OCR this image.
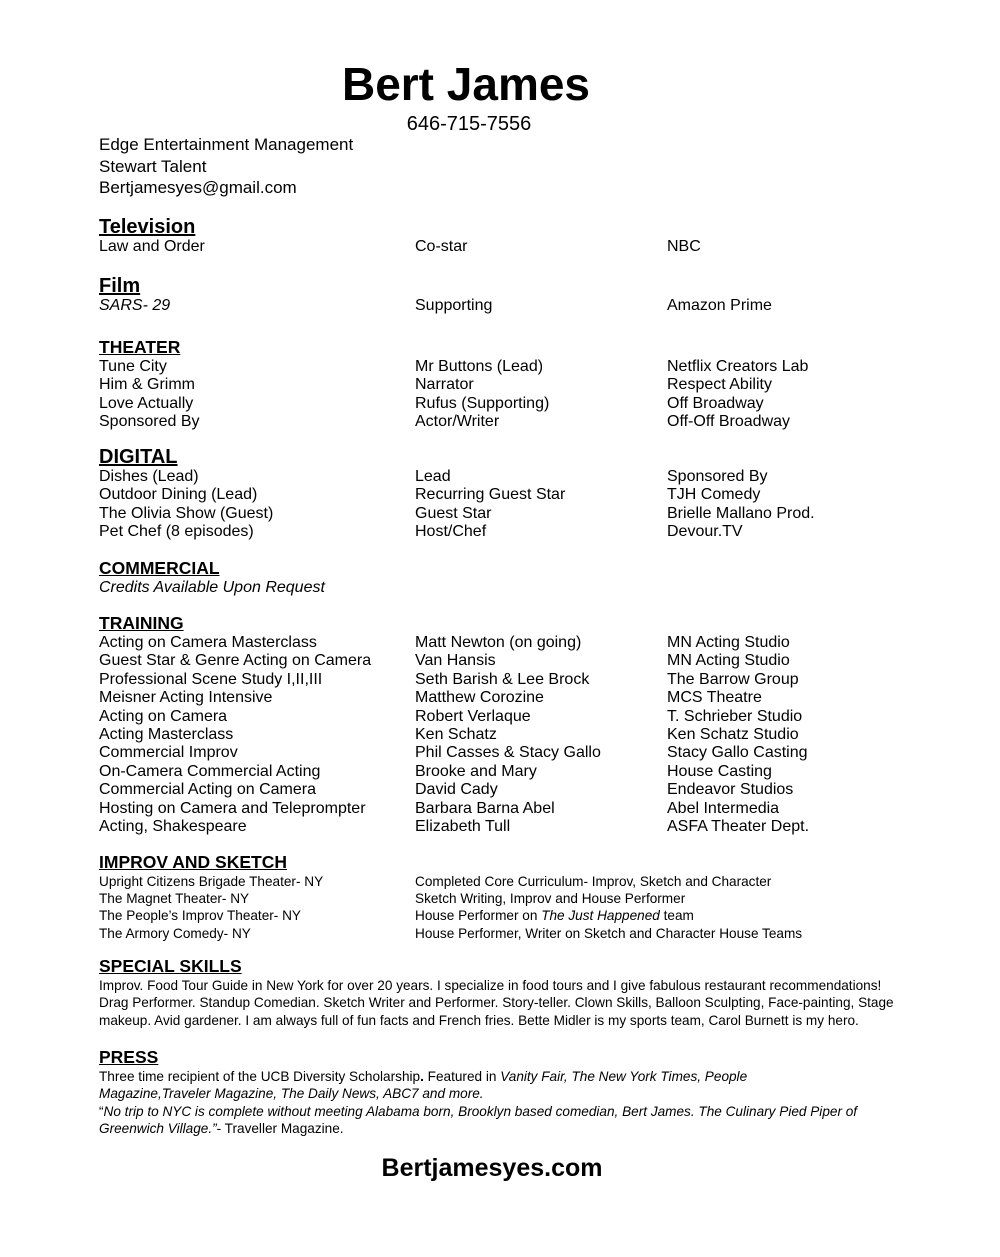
Bert James
646-715-7556
Edge Entertainment Management
Stewart Talent
Bertjamesyes@gmail.com
Television
Law and Order	Co-star	NBC
Film
SARS- 29	Supporting	Amazon Prime
THEATER
Tune City	Mr Buttons (Lead)	Netflix Creators Lab
Him & Grimm	Narrator	Respect Ability
Love Actually	Rufus (Supporting)	Off Broadway
Sponsored By	Actor/Writer	Off-Off Broadway
DIGITAL
Dishes (Lead)	Lead	Sponsored By
Outdoor Dining (Lead)	Recurring Guest Star	TJH Comedy
The Olivia Show (Guest)	Guest Star	Brielle Mallano Prod.
Pet Chef (8 episodes)	Host/Chef	Devour.TV
COMMERCIAL
Credits Available Upon Request
TRAINING
Acting on Camera Masterclass	Matt Newton (on going)	MN Acting Studio
Guest Star & Genre Acting on Camera	Van Hansis	MN Acting Studio
Professional Scene Study I,II,III	Seth Barish & Lee Brock	The Barrow Group
Meisner Acting Intensive	Matthew Corozine	MCS Theatre
Acting on Camera	Robert Verlaque	T. Schrieber Studio
Acting Masterclass	Ken Schatz	Ken Schatz Studio
Commercial Improv	Phil Casses & Stacy Gallo	Stacy Gallo Casting
On-Camera Commercial Acting	Brooke and Mary	House Casting
Commercial Acting on Camera	David Cady	Endeavor Studios
Hosting on Camera and Teleprompter	Barbara Barna Abel	Abel Intermedia
Acting, Shakespeare	Elizabeth Tull	ASFA Theater Dept.
IMPROV AND SKETCH
Upright Citizens Brigade Theater- NY	Completed Core Curriculum- Improv, Sketch and Character
The Magnet Theater- NY	Sketch Writing, Improv and House Performer
The People’s Improv Theater- NY	House Performer on The Just Happened team
The Armory Comedy- NY	House Performer, Writer on Sketch and Character House Teams
SPECIAL SKILLS
Improv. Food Tour Guide in New York for over 20 years. I specialize in food tours and I give fabulous restaurant recommendations!
Drag Performer. Standup Comedian. Sketch Writer and Performer. Story-teller. Clown Skills, Balloon Sculpting, Face-painting, Stage
makeup. Avid gardener. I am always full of fun facts and French fries. Bette Midler is my sports team, Carol Burnett is my hero.
PRESS
Three time recipient of the UCB Diversity Scholarship. Featured in Vanity Fair, The New York Times, People
Magazine,Traveler Magazine, The Daily News, ABC7 and more.
“No trip to NYC is complete without meeting Alabama born, Brooklyn based comedian, Bert James. The Culinary Pied Piper of
Greenwich Village.”- Traveller Magazine.
Bertjamesyes.com
